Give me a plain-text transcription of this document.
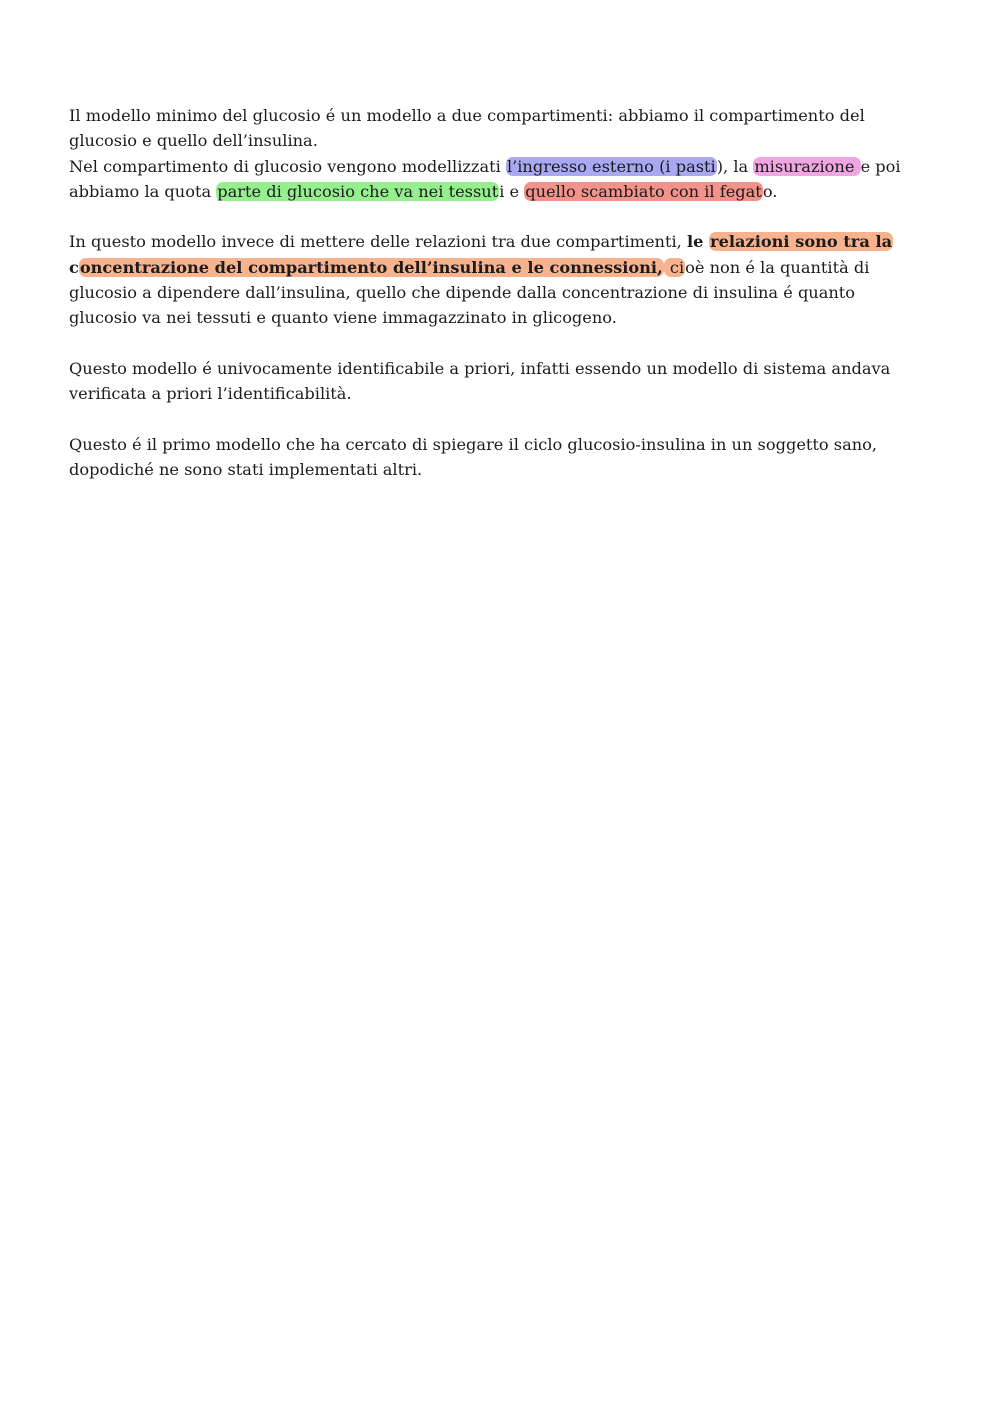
Il modello minimo del glucosio é un modello a due compartimenti: abbiamo il compartimento del glucosio e quello dell’insulina.
Nel compartimento di glucosio vengono modellizzati l’ingresso esterno (i pasti), la misurazione e poi abbiamo la quota parte di glucosio che va nei tessuti e quello scambiato con il fegato.

In questo modello invece di mettere delle relazioni tra due compartimenti, le relazioni sono tra la concentrazione del compartimento dell’insulina e le connessioni, cioè non é la quantità di glucosio a dipendere dall’insulina, quello che dipende dalla concentrazione di insulina é quanto glucosio va nei tessuti e quanto viene immagazzinato in glicogeno.

Questo modello é univocamente identificabile a priori, infatti essendo un modello di sistema andava verificata a priori l’identificabilità.

Questo é il primo modello che ha cercato di spiegare il ciclo glucosio-insulina in un soggetto sano, dopodiché ne sono stati implementati altri.
